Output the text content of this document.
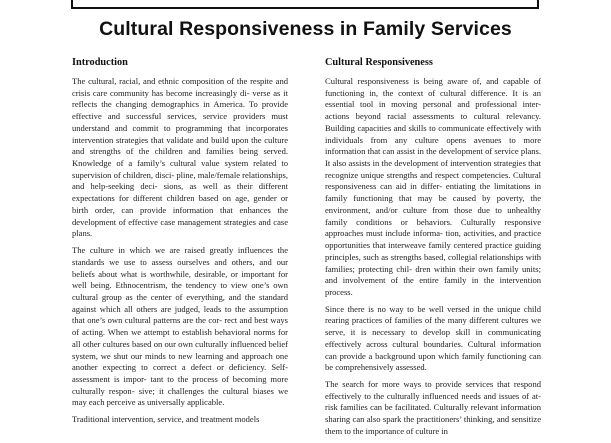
Cultural Responsiveness in Family Services
Introduction

The cultural, racial, and ethnic composition of the respite and crisis care community has become increasingly di- verse as it reflects the changing demographics in America. To provide effective and successful services, service providers must understand and commit to programming that incorporates intervention strategies that validate and build upon the culture and strengths of the children and families being served. Knowledge of a family’s cultural value system related to supervision of children, disci- pline, male/female relationships, and help-seeking deci- sions, as well as their different expectations for different children based on age, gender or birth order, can provide information that enhances the development of effective case management strategies and case plans.

The culture in which we are raised greatly influences the standards we use to assess ourselves and others, and our beliefs about what is worthwhile, desirable, or important for well being. Ethnocentrism, the tendency to view one’s own cultural group as the center of everything, and the standard against which all others are judged, leads to the assumption that one’s own cultural patterns are the cor- rect and best ways of acting. When we attempt to establish behavioral norms for all other cultures based on our own culturally influenced belief system, we shut our minds to new learning and approach one another expecting to correct a defect or deficiency. Self-assessment is impor- tant to the process of becoming more culturally respon- sive; it challenges the cultural biases we may each perceive as universally applicable.

Traditional intervention, service, and treatment models

Cultural Responsiveness

Cultural responsiveness is being aware of, and capable of functioning in, the context of cultural difference. It is an essential tool in moving personal and professional inter- actions beyond racial assessments to cultural relevancy. Building capacities and skills to communicate effectively with individuals from any culture opens avenues to more information that can assist in the development of service plans. It also assists in the development of intervention strategies that recognize unique strengths and respect competencies. Cultural responsiveness can aid in differ- entiating the limitations in family functioning that may be caused by poverty, the environment, and/or culture from those due to unhealthy family conditions or behaviors. Culturally responsive approaches must include informa- tion, activities, and practice opportunities that interweave family centered practice guiding principles, such as strengths based, collegial relationships with families; protecting chil- dren within their own family units; and involvement of the entire family in the intervention process.

Since there is no way to be well versed in the unique child rearing practices of families of the many different cultures we serve, it is necessary to develop skill in communicating effectively across cultural boundaries. Cultural information can provide a background upon which family functioning can be comprehensively assessed.

The search for more ways to provide services that respond effectively to the culturally influenced needs and issues of at-risk families can be facilitated. Culturally relevant information sharing can also spark the practitioners’ thinking, and sensitize them to the importance of culture in
